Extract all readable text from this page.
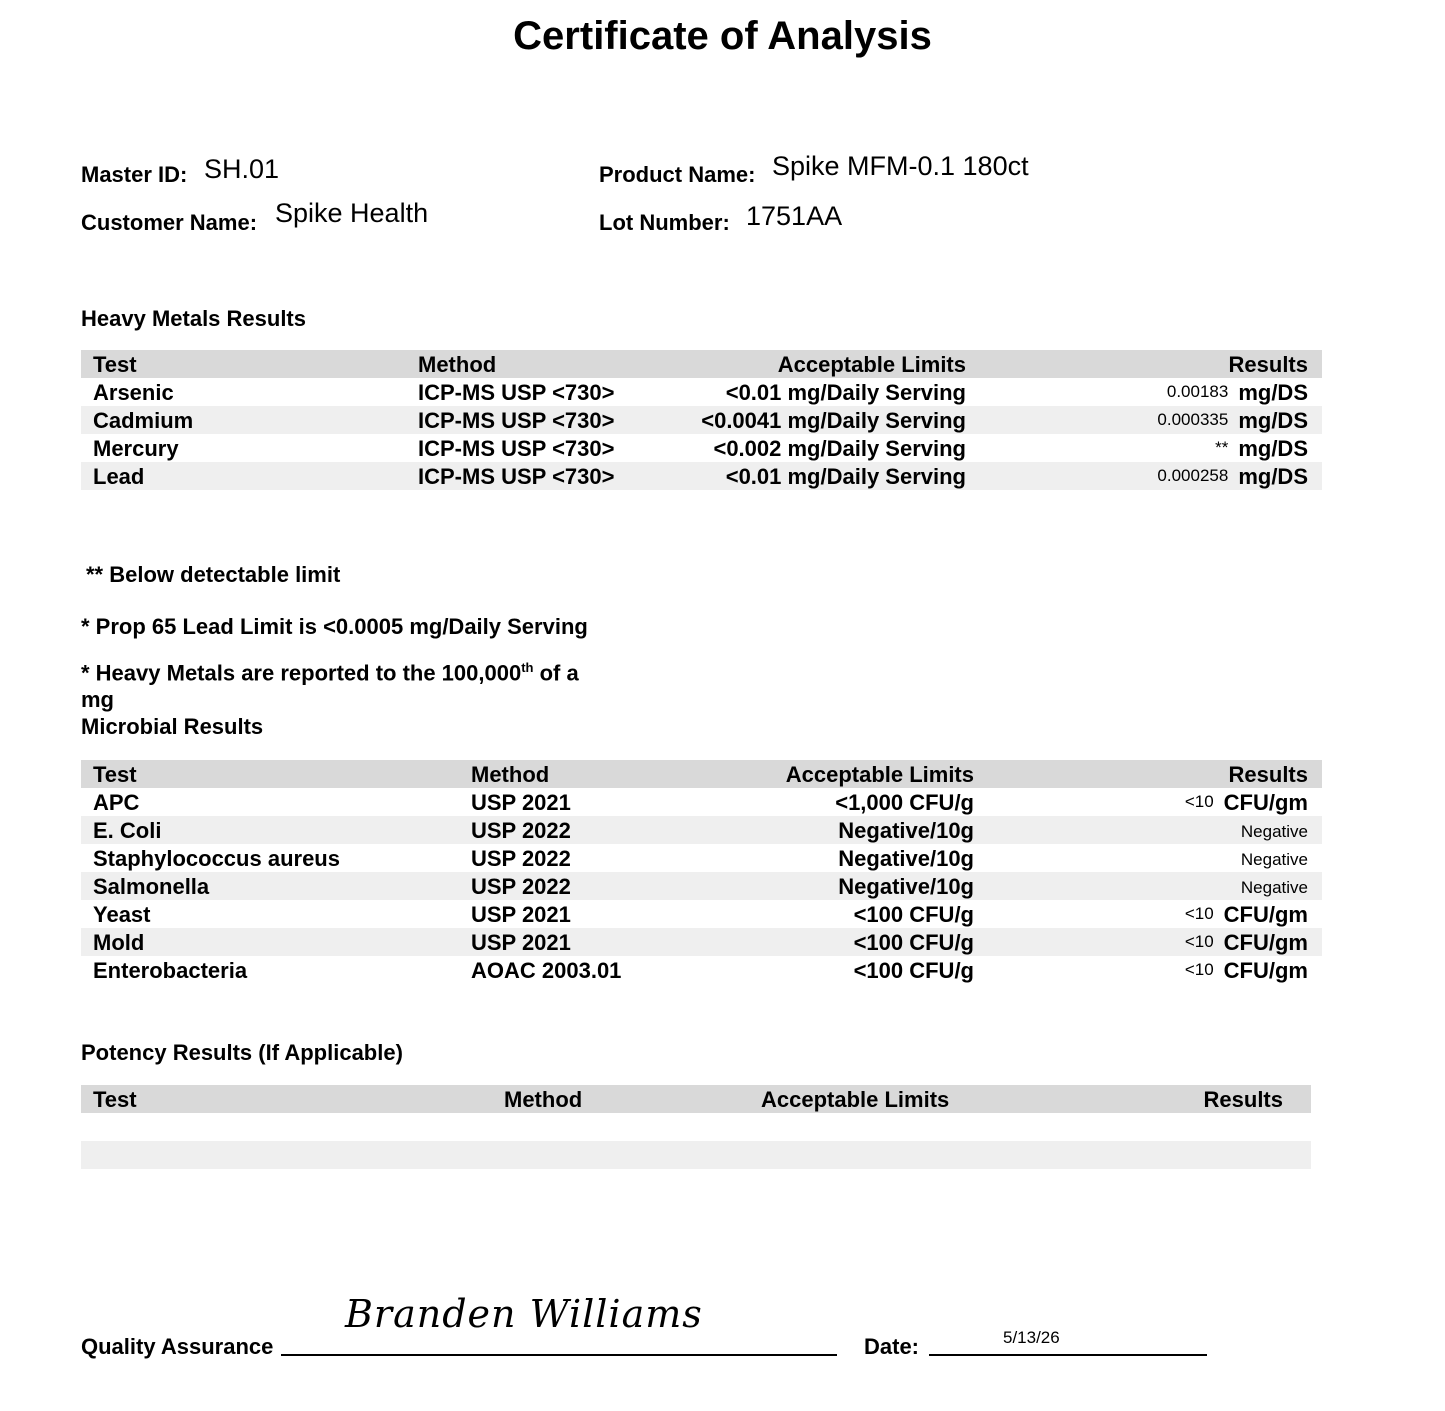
Certificate of Analysis
Master ID: SH.01	Product Name: Spike MFM-0.1 180ct
Customer Name: Spike Health	Lot Number: 1751AA
Heavy Metals Results
Test	Method	Acceptable Limits	Results
Arsenic	ICP-MS USP <730>	<0.01 mg/Daily Serving	0.00183 mg/DS
Cadmium	ICP-MS USP <730>	<0.0041 mg/Daily Serving	0.000335 mg/DS
Mercury	ICP-MS USP <730>	<0.002 mg/Daily Serving	** mg/DS
Lead	ICP-MS USP <730>	<0.01 mg/Daily Serving	0.000258 mg/DS
** Below detectable limit
* Prop 65 Lead Limit is <0.0005 mg/Daily Serving
* Heavy Metals are reported to the 100,000th of a
mg
Microbial Results
Test	Method	Acceptable Limits	Results
APC	USP 2021	<1,000 CFU/g	<10 CFU/gm
E. Coli	USP 2022	Negative/10g	Negative
Staphylococcus aureus	USP 2022	Negative/10g	Negative
Salmonella	USP 2022	Negative/10g	Negative
Yeast	USP 2021	<100 CFU/g	<10 CFU/gm
Mold	USP 2021	<100 CFU/g	<10 CFU/gm
Enterobacteria	AOAC 2003.01	<100 CFU/g	<10 CFU/gm
Potency Results (If Applicable)
Test	Method	Acceptable Limits	Results
Quality Assurance
Branden Williams
Date:	5/13/26
